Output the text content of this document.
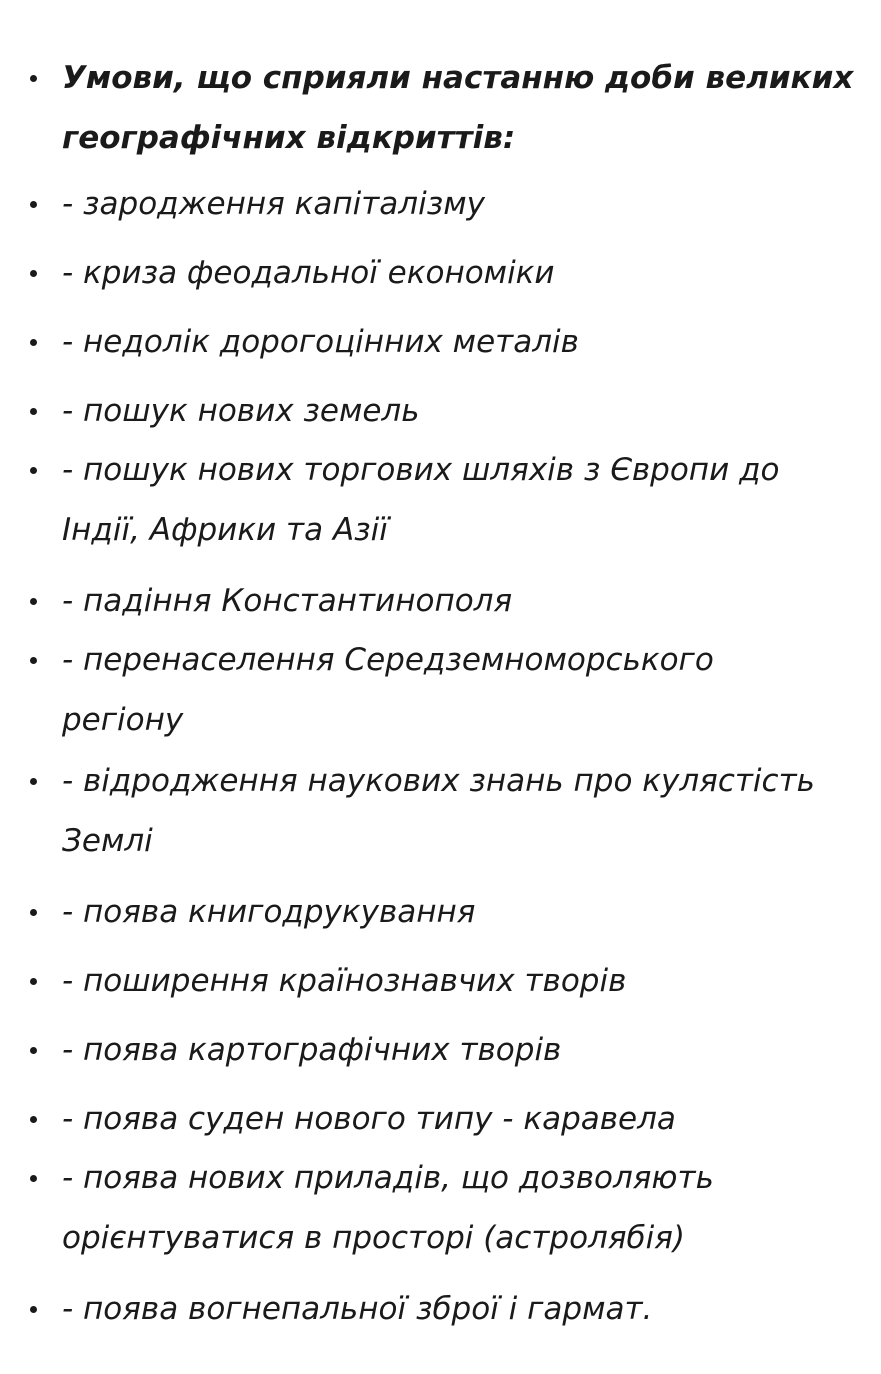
Умови, що сприяли настанню доби великих
географічних відкриттів:
- зародження капіталізму
- криза феодальної економіки
- недолік дорогоцінних металів
- пошук нових земель
- пошук нових торгових шляхів з Європи до
Індії, Африки та Азії
- падіння Константинополя
- перенаселення Середземноморського
регіону
- відродження наукових знань про кулястість
Землі
- поява книгодрукування
- поширення країнознавчих творів
- поява картографічних творів
- поява суден нового типу - каравела
- поява нових приладів, що дозволяють
орієнтуватися в просторі (астролябія)
- поява вогнепальної зброї і гармат.
